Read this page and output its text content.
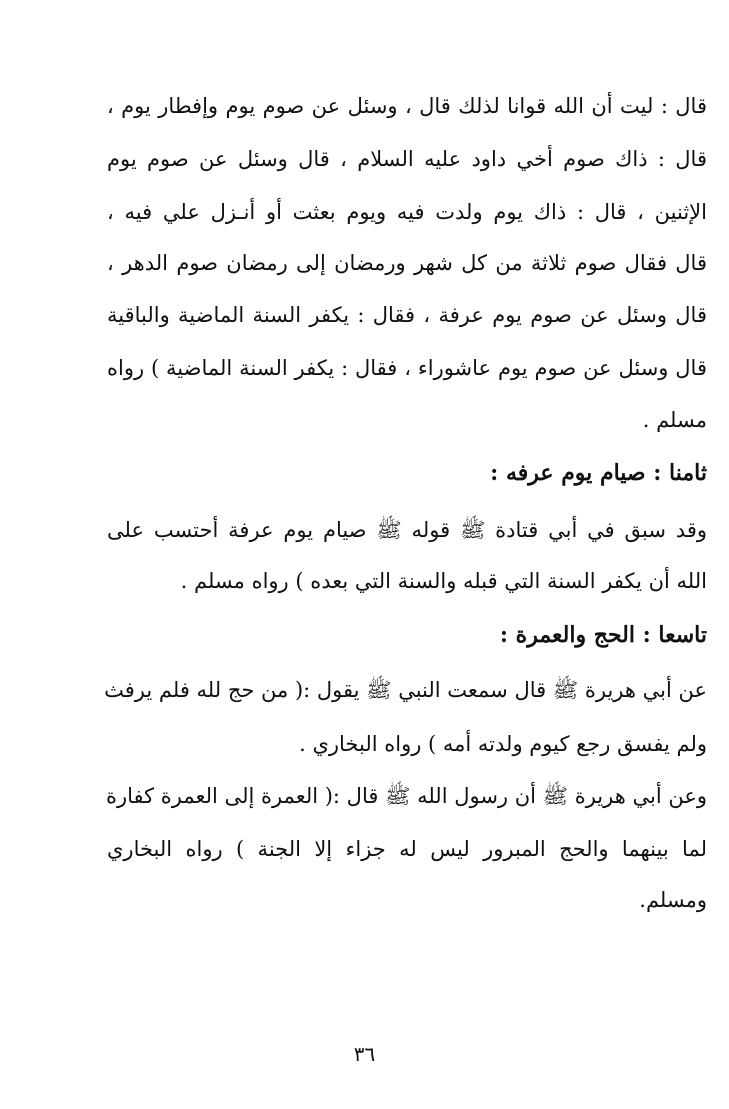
قال : ليت أن الله قوانا لذلك قال ، وسئل عن صوم يوم وإفطار يوم ،
قال : ذاك صوم أخي داود عليه السلام ، قال وسئل عن صوم يوم
الإثنين ، قال : ذاك يوم ولدت فيه ويوم بعثت أو أنـزل علي فيه ،
قال فقال صوم ثلاثة من كل شهر ورمضان إلى رمضان صوم الدهر ،
قال وسئل عن صوم يوم عرفة ، فقال : يكفر السنة الماضية والباقية
قال وسئل عن صوم يوم عاشوراء ، فقال : يكفر السنة الماضية ) رواه
مسلم .
ثامنا : صيام يوم عرفه :
وقد سبق في أبي قتادة ﷺ قوله ﷺ صيام يوم عرفة أحتسب على
الله أن يكفر السنة التي قبله والسنة التي بعده ) رواه مسلم .
تاسعا : الحج والعمرة :
عن أبي هريرة ﷺ قال سمعت النبي ﷺ يقول :( من حج لله فلم يرفث
ولم يفسق رجع كيوم ولدته أمه ) رواه البخاري .
وعن أبي هريرة ﷺ أن رسول الله ﷺ قال :( العمرة إلى العمرة كفارة
لما بينهما والحج المبرور ليس له جزاء إلا الجنة ) رواه البخاري
ومسلم.
٣٦
